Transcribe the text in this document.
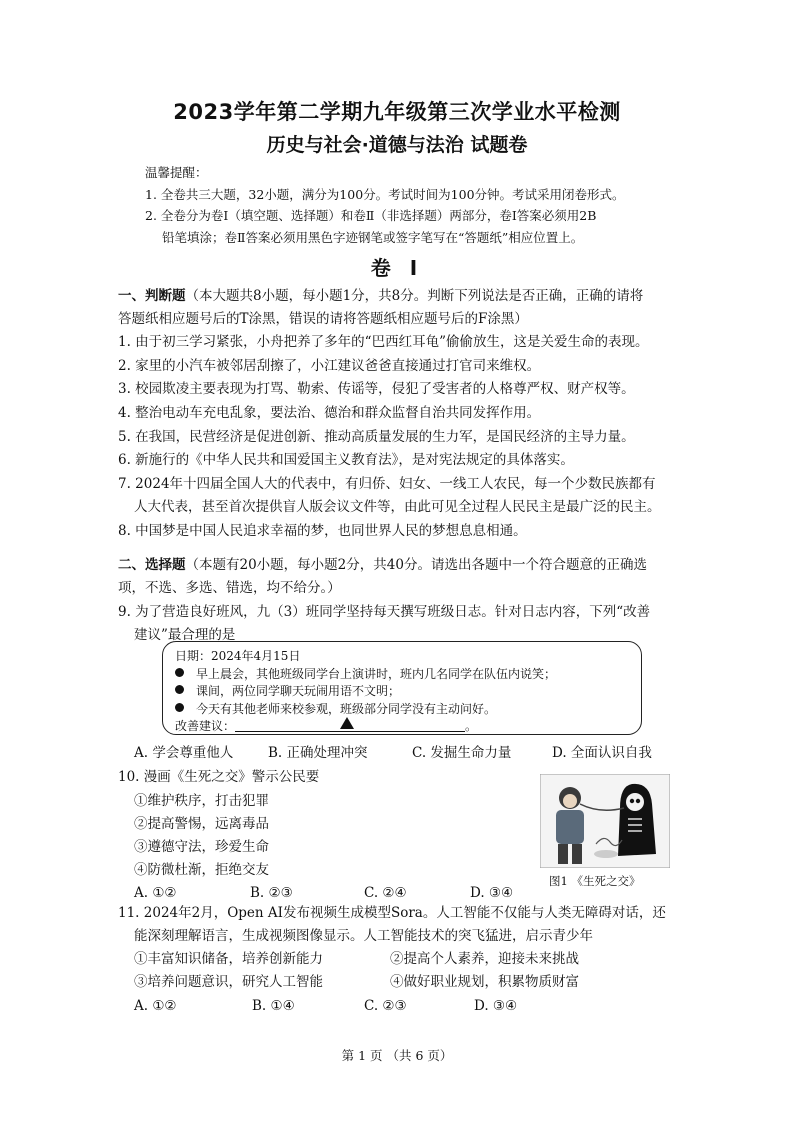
2023学年第二学期九年级第三次学业水平检测
历史与社会·道德与法治 试题卷
温馨提醒：
1. 全卷共三大题，32小题，满分为100分。考试时间为100分钟。考试采用闭卷形式。
2. 全卷分为卷Ⅰ（填空题、选择题）和卷Ⅱ（非选择题）两部分，卷Ⅰ答案必须用2B
铅笔填涂；卷Ⅱ答案必须用黑色字迹钢笔或签字笔写在“答题纸”相应位置上。
卷 I
一、判断题（本大题共8小题，每小题1分，共8分。判断下列说法是否正确，正确的请将
答题纸相应题号后的T涂黑，错误的请将答题纸相应题号后的F涂黑）
1. 由于初三学习紧张，小舟把养了多年的“巴西红耳龟”偷偷放生，这是关爱生命的表现。
2. 家里的小汽车被邻居刮擦了，小江建议爸爸直接通过打官司来维权。
3. 校园欺凌主要表现为打骂、勒索、传谣等，侵犯了受害者的人格尊严权、财产权等。
4. 整治电动车充电乱象，要法治、德治和群众监督自治共同发挥作用。
5. 在我国，民营经济是促进创新、推动高质量发展的生力军，是国民经济的主导力量。
6. 新施行的《中华人民共和国爱国主义教育法》，是对宪法规定的具体落实。
7. 2024年十四届全国人大的代表中，有归侨、妇女、一线工人农民，每一个少数民族都有
人大代表，甚至首次提供盲人版会议文件等，由此可见全过程人民民主是最广泛的民主。
8. 中国梦是中国人民追求幸福的梦，也同世界人民的梦想息息相通。
二、选择题（本题有20小题，每小题2分，共40分。请选出各题中一个符合题意的正确选
项，不选、多选、错选，均不给分。）
9. 为了营造良好班风，九（3）班同学坚持每天撰写班级日志。针对日志内容，下列“改善
建议”最合理的是
日期：2024年4月15日
早上晨会，其他班级同学台上演讲时，班内几名同学在队伍内说笑；
课间，两位同学聊天玩闹用语不文明；
今天有其他老师来校参观，班级部分同学没有主动问好。
改善建议：	。
A. 学会尊重他人	B. 正确处理冲突	C. 发掘生命力量	D. 全面认识自我
10. 漫画《生死之交》警示公民要
①维护秩序，打击犯罪
②提高警惕，远离毒品
③遵德守法，珍爱生命
④防微杜渐，拒绝交友
A. ①②	B. ②③	C. ②④	D. ③④
图1 《生死之交》
11. 2024年2月，Open AI发布视频生成模型Sora。人工智能不仅能与人类无障碍对话，还
能深刻理解语言，生成视频图像显示。人工智能技术的突飞猛进，启示青少年
①丰富知识储备，培养创新能力	②提高个人素养，迎接未来挑战
③培养问题意识，研究人工智能	④做好职业规划，积累物质财富
A. ①②	B. ①④	C. ②③	D. ③④
第 1 页 （共 6 页）
